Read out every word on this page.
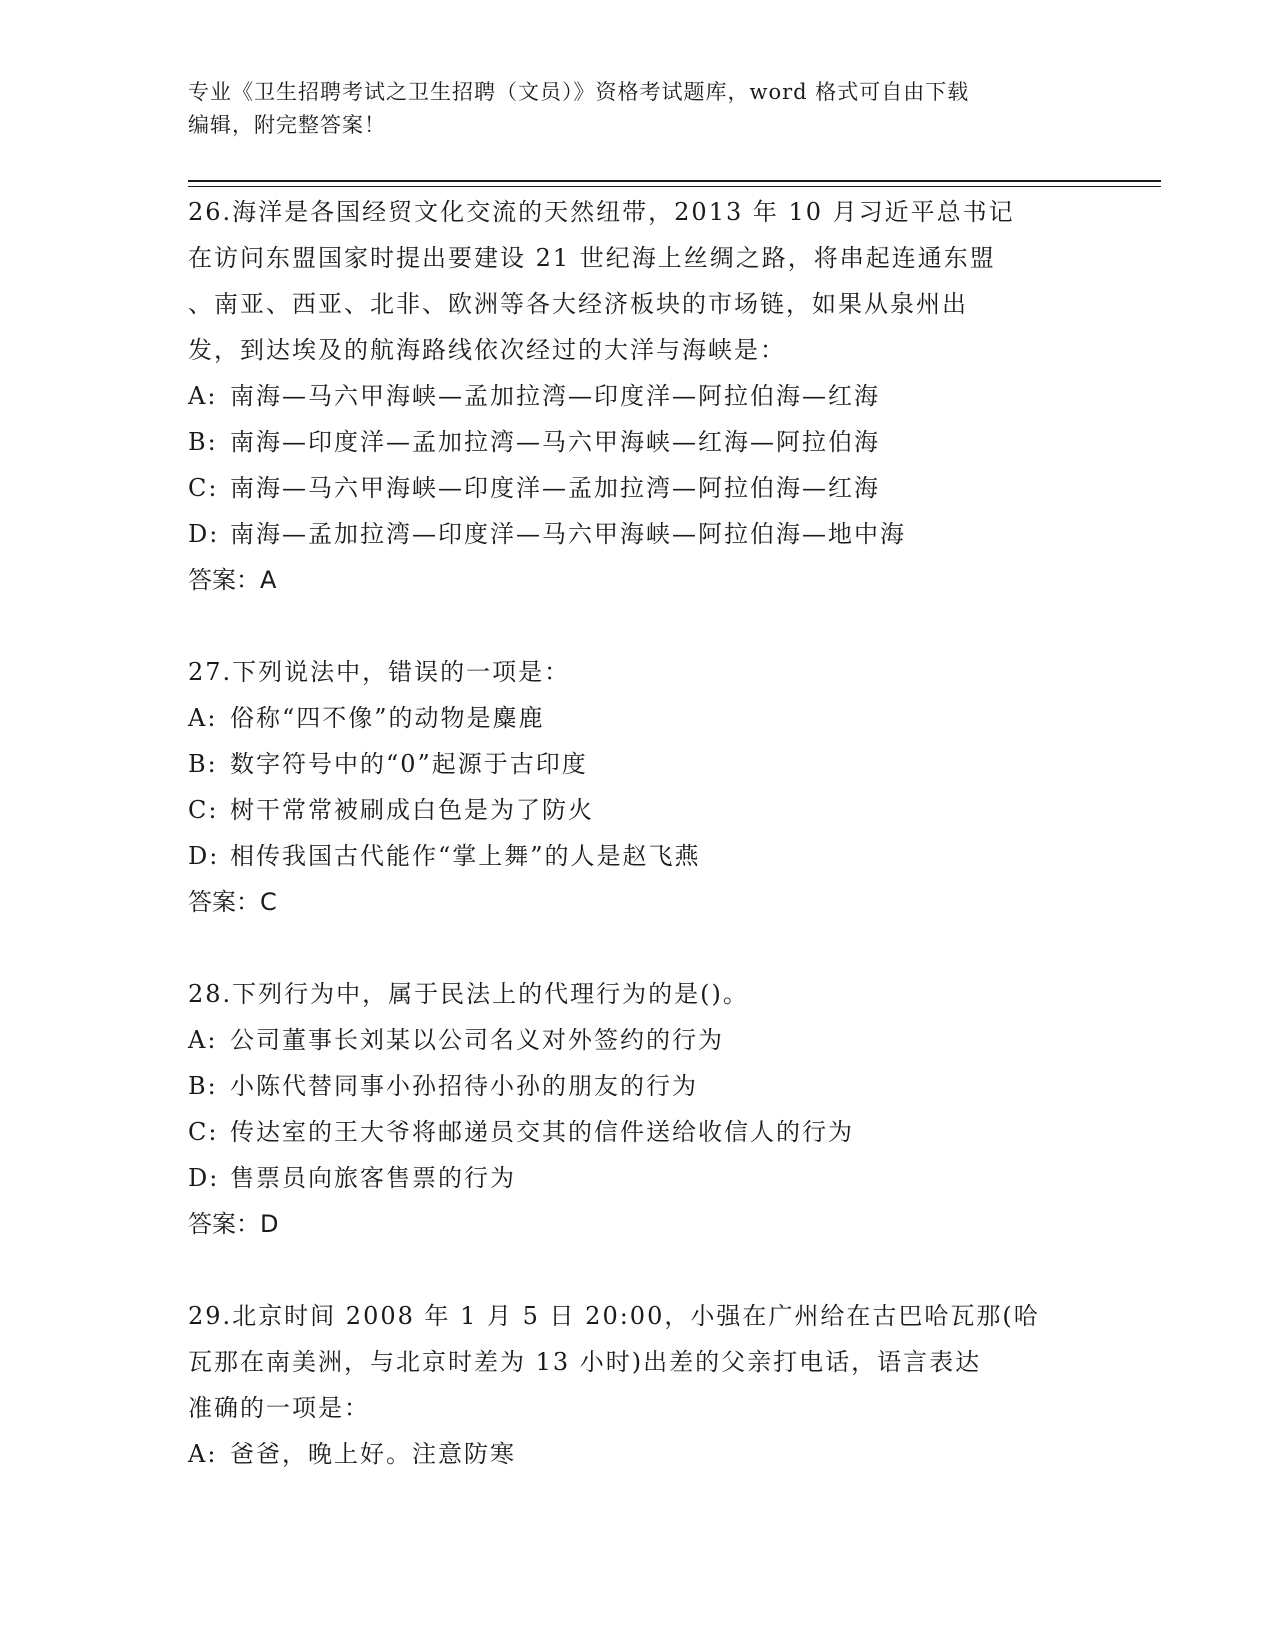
专业《卫生招聘考试之卫生招聘（文员）》资格考试题库，word 格式可自由下载
编辑，附完整答案！
26.海洋是各国经贸文化交流的天然纽带，2013 年 10 月习近平总书记
在访问东盟国家时提出要建设 21 世纪海上丝绸之路，将串起连通东盟
、南亚、西亚、北非、欧洲等各大经济板块的市场链，如果从泉州出
发，到达埃及的航海路线依次经过的大洋与海峡是：
A: 南海—马六甲海峡—孟加拉湾—印度洋—阿拉伯海—红海
B: 南海—印度洋—孟加拉湾—马六甲海峡—红海—阿拉伯海
C: 南海—马六甲海峡—印度洋—孟加拉湾—阿拉伯海—红海
D: 南海—孟加拉湾—印度洋—马六甲海峡—阿拉伯海—地中海
答案：A
27.下列说法中，错误的一项是：
A: 俗称“四不像”的动物是麋鹿
B: 数字符号中的“0”起源于古印度
C: 树干常常被刷成白色是为了防火
D: 相传我国古代能作“掌上舞”的人是赵飞燕
答案：C
28.下列行为中，属于民法上的代理行为的是()。
A: 公司董事长刘某以公司名义对外签约的行为
B: 小陈代替同事小孙招待小孙的朋友的行为
C: 传达室的王大爷将邮递员交其的信件送给收信人的行为
D: 售票员向旅客售票的行为
答案：D
29.北京时间 2008 年 1 月 5 日 20:00，小强在广州给在古巴哈瓦那(哈
瓦那在南美洲，与北京时差为 13 小时)出差的父亲打电话，语言表达
准确的一项是：
A: 爸爸，晚上好。注意防寒
